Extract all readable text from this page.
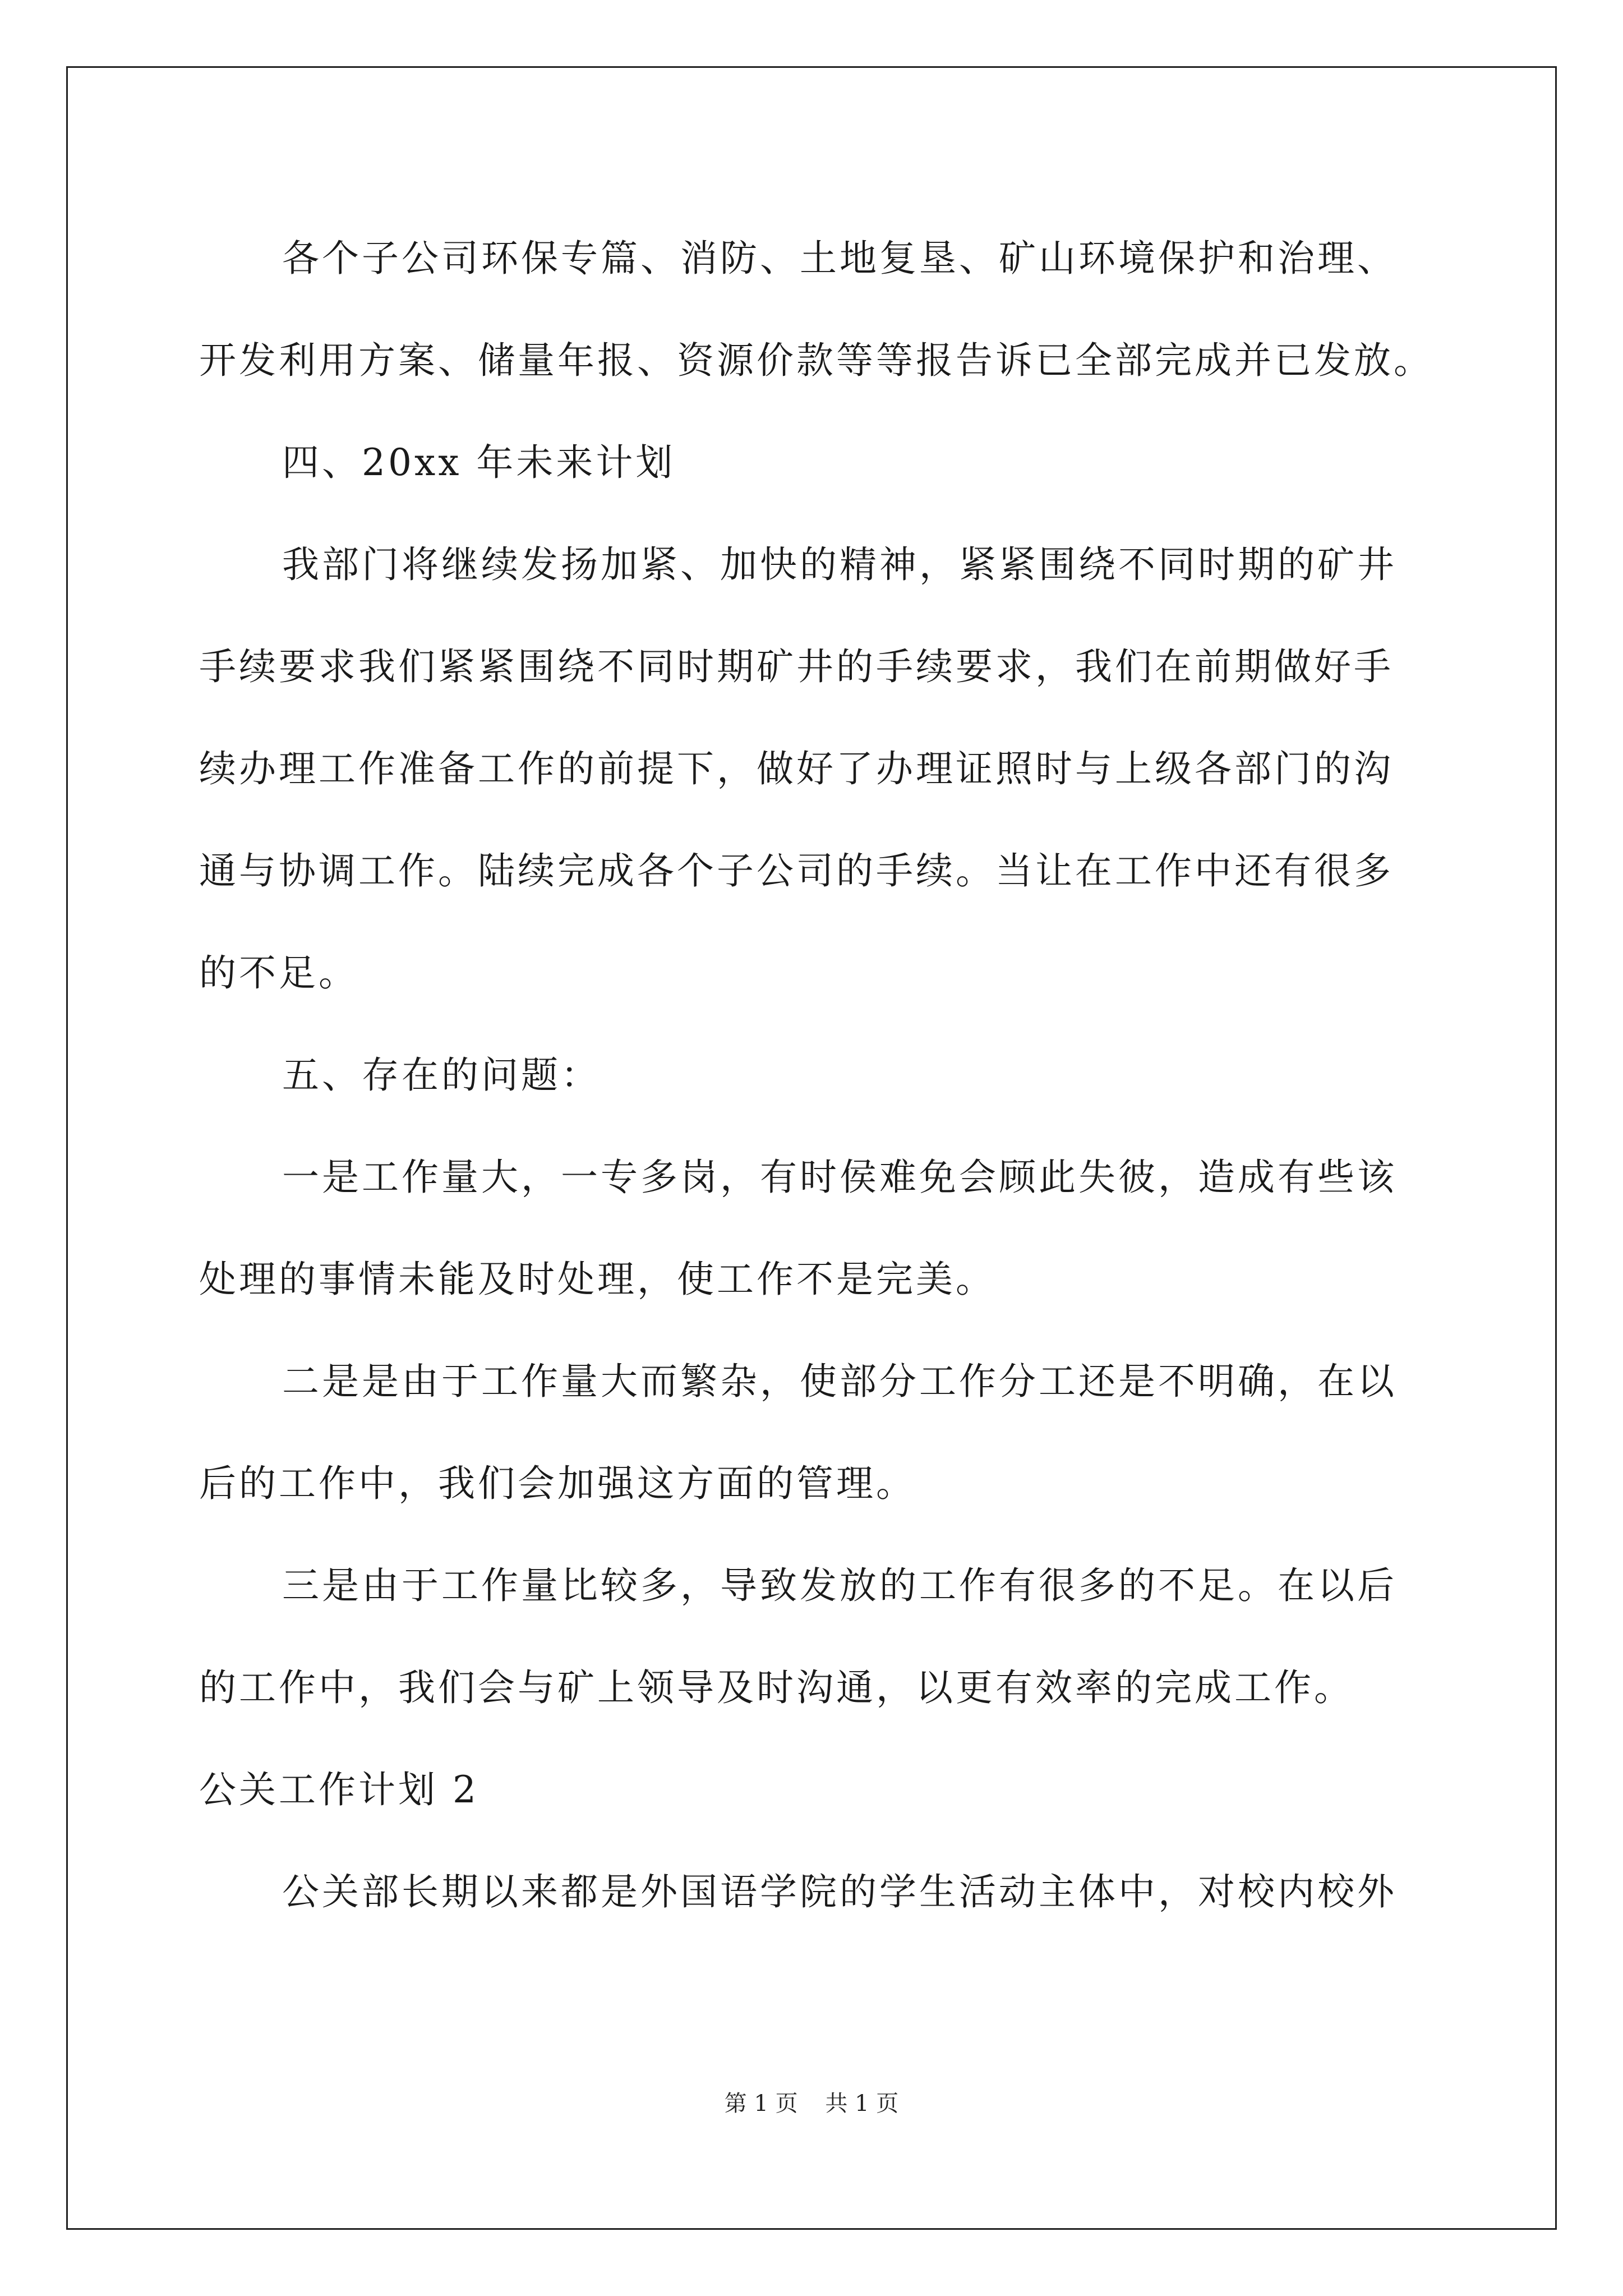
各个子公司环保专篇、消防、土地复垦、矿山环境保护和治理、
开发利用方案、储量年报、资源价款等等报告诉已全部完成并已发放。
四、20xx 年未来计划
我部门将继续发扬加紧、加快的精神，紧紧围绕不同时期的矿井
手续要求我们紧紧围绕不同时期矿井的手续要求，我们在前期做好手
续办理工作准备工作的前提下，做好了办理证照时与上级各部门的沟
通与协调工作。陆续完成各个子公司的手续。当让在工作中还有很多
的不足。
五、存在的问题：
一是工作量大，一专多岗，有时侯难免会顾此失彼，造成有些该
处理的事情未能及时处理，使工作不是完美。
二是是由于工作量大而繁杂，使部分工作分工还是不明确，在以
后的工作中，我们会加强这方面的管理。
三是由于工作量比较多，导致发放的工作有很多的不足。在以后
的工作中，我们会与矿上领导及时沟通，以更有效率的完成工作。
公关工作计划 2
公关部长期以来都是外国语学院的学生活动主体中，对校内校外
第 1 页 共 1 页
